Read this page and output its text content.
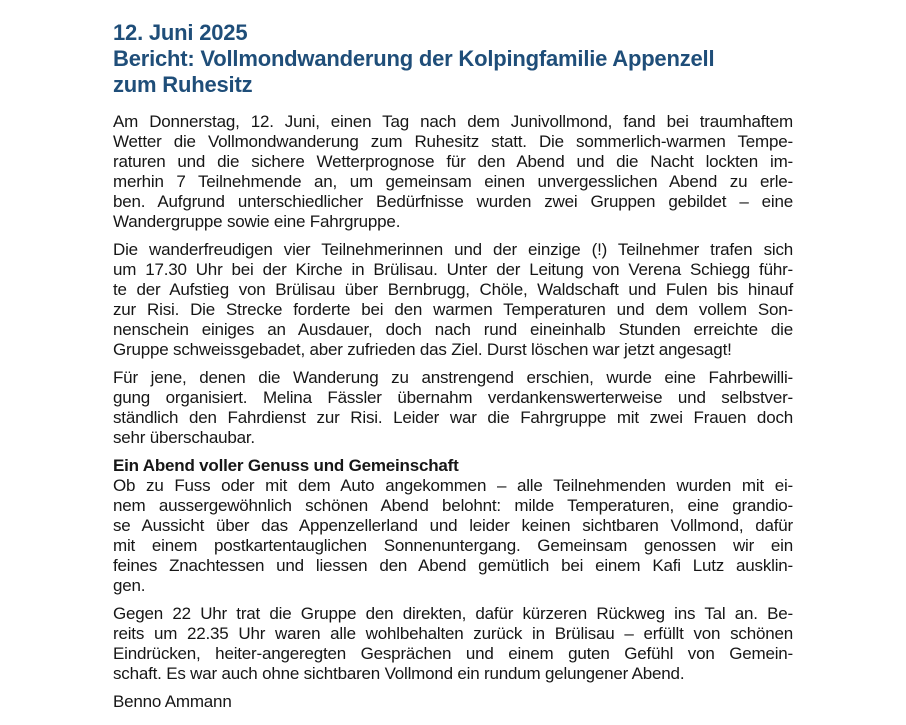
12. Juni 2025
Bericht: Vollmondwanderung der Kolpingfamilie Appenzell
zum Ruhesitz

Am Donnerstag, 12. Juni, einen Tag nach dem Junivollmond, fand bei traumhaftem
Wetter die Vollmondwanderung zum Ruhesitz statt. Die sommerlich-warmen Tempe-
raturen und die sichere Wetterprognose für den Abend und die Nacht lockten im-
merhin 7 Teilnehmende an, um gemeinsam einen unvergesslichen Abend zu erle-
ben. Aufgrund unterschiedlicher Bedürfnisse wurden zwei Gruppen gebildet – eine
Wandergruppe sowie eine Fahrgruppe.

Die wanderfreudigen vier Teilnehmerinnen und der einzige (!) Teilnehmer trafen sich
um 17.30 Uhr bei der Kirche in Brülisau. Unter der Leitung von Verena Schiegg führ-
te der Aufstieg von Brülisau über Bernbrugg, Chöle, Waldschaft und Fulen bis hinauf
zur Risi. Die Strecke forderte bei den warmen Temperaturen und dem vollem Son-
nenschein einiges an Ausdauer, doch nach rund eineinhalb Stunden erreichte die
Gruppe schweissgebadet, aber zufrieden das Ziel. Durst löschen war jetzt angesagt!

Für jene, denen die Wanderung zu anstrengend erschien, wurde eine Fahrbewilli-
gung organisiert. Melina Fässler übernahm verdankenswerterweise und selbstver-
ständlich den Fahrdienst zur Risi. Leider war die Fahrgruppe mit zwei Frauen doch
sehr überschaubar.

Ein Abend voller Genuss und Gemeinschaft

Ob zu Fuss oder mit dem Auto angekommen – alle Teilnehmenden wurden mit ei-
nem aussergewöhnlich schönen Abend belohnt: milde Temperaturen, eine grandio-
se Aussicht über das Appenzellerland und leider keinen sichtbaren Vollmond, dafür
mit einem postkartentauglichen Sonnenuntergang. Gemeinsam genossen wir ein
feines Znachtessen und liessen den Abend gemütlich bei einem Kafi Lutz ausklin-
gen.

Gegen 22 Uhr trat die Gruppe den direkten, dafür kürzeren Rückweg ins Tal an. Be-
reits um 22.35 Uhr waren alle wohlbehalten zurück in Brülisau – erfüllt von schönen
Eindrücken, heiter-angeregten Gesprächen und einem guten Gefühl von Gemein-
schaft. Es war auch ohne sichtbaren Vollmond ein rundum gelungener Abend.

Benno Ammann
